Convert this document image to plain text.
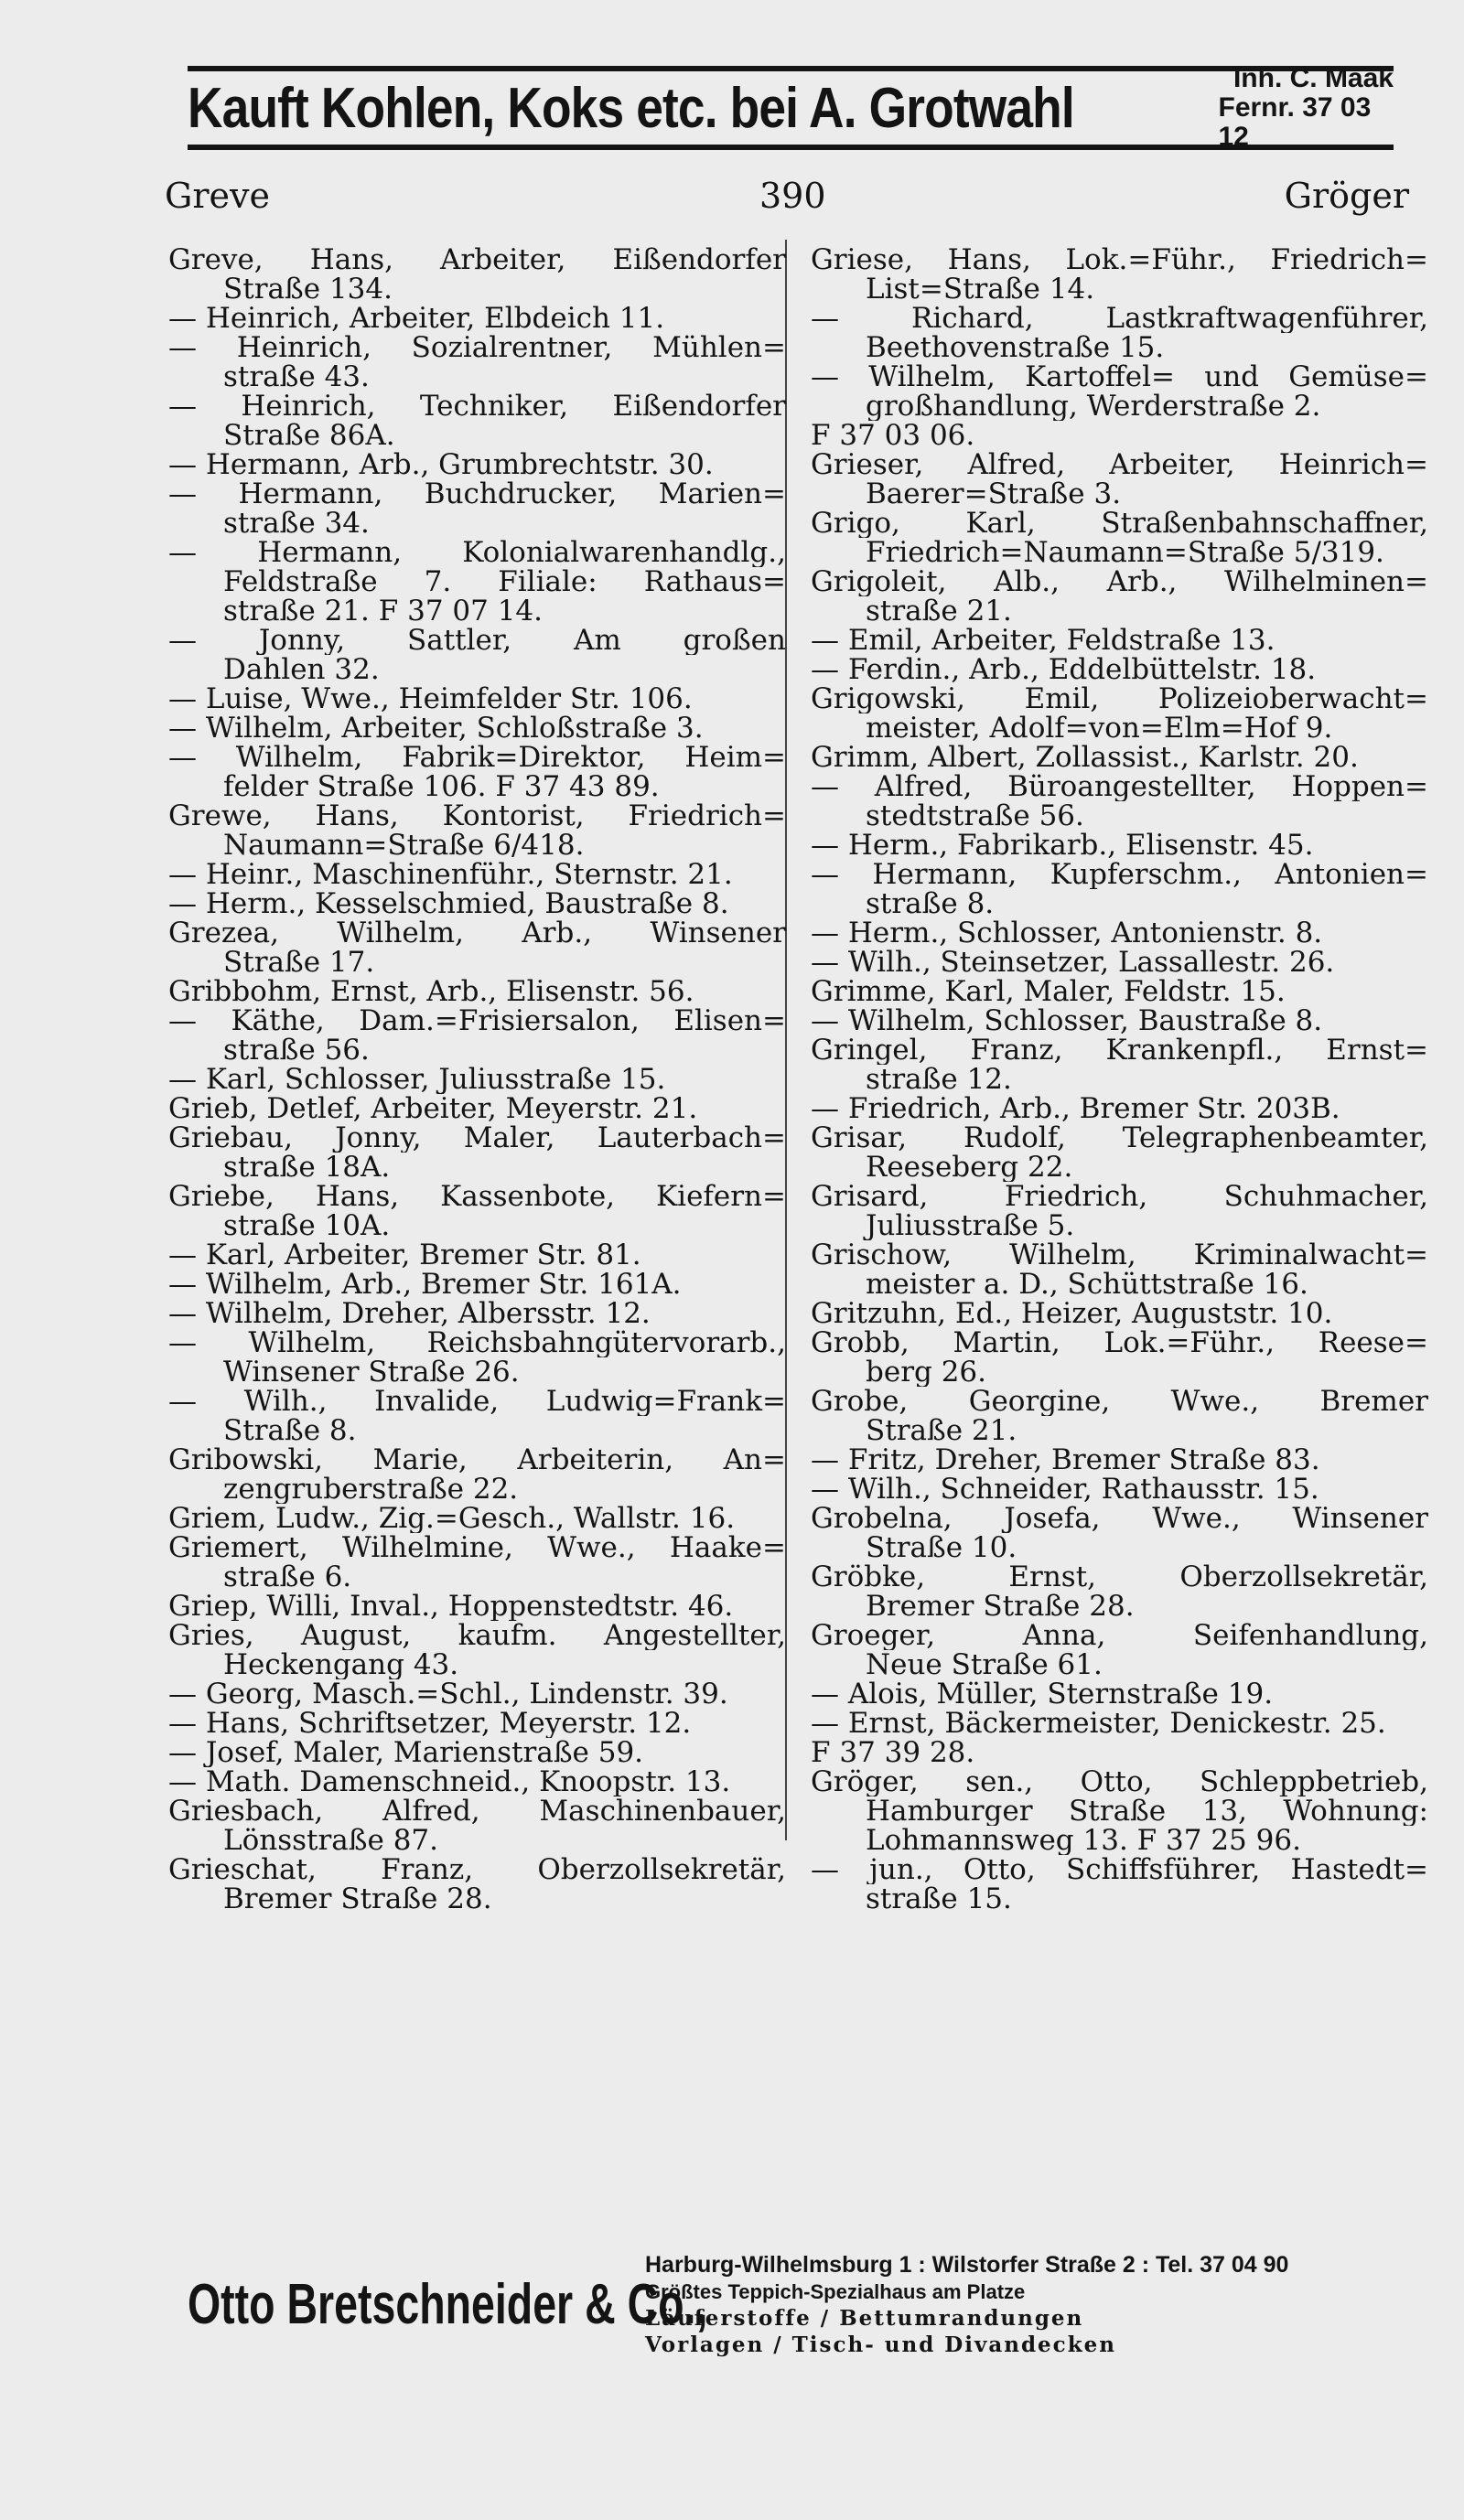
Kauft Kohlen, Koks etc. bei A. Grotwahl	Inh. C. Maak
Fernr. 37 03 12
Greve	390	Gröger
Greve, Hans, Arbeiter, Eißendorfer
Straße 134.
— Heinrich, Arbeiter, Elbdeich 11.
— Heinrich, Sozialrentner, Mühlen=
straße 43.
— Heinrich, Techniker, Eißendorfer
Straße 86A.
— Hermann, Arb., Grumbrechtstr. 30.
— Hermann, Buchdrucker, Marien=
straße 34.
— Hermann, Kolonialwarenhandlg.,
Feldstraße 7. Filiale: Rathaus=
straße 21. F 37 07 14.
— Jonny, Sattler, Am großen
Dahlen 32.
— Luise, Wwe., Heimfelder Str. 106.
— Wilhelm, Arbeiter, Schloßstraße 3.
— Wilhelm, Fabrik=Direktor, Heim=
felder Straße 106. F 37 43 89.
Grewe, Hans, Kontorist, Friedrich=
Naumann=Straße 6/418.
— Heinr., Maschinenführ., Sternstr. 21.
— Herm., Kesselschmied, Baustraße 8.
Grezea, Wilhelm, Arb., Winsener
Straße 17.
Gribbohm, Ernst, Arb., Elisenstr. 56.
— Käthe, Dam.=Frisiersalon, Elisen=
straße 56.
— Karl, Schlosser, Juliusstraße 15.
Grieb, Detlef, Arbeiter, Meyerstr. 21.
Griebau, Jonny, Maler, Lauterbach=
straße 18A.
Griebe, Hans, Kassenbote, Kiefern=
straße 10A.
— Karl, Arbeiter, Bremer Str. 81.
— Wilhelm, Arb., Bremer Str. 161A.
— Wilhelm, Dreher, Albersstr. 12.
— Wilhelm, Reichsbahngütervorarb.,
Winsener Straße 26.
— Wilh., Invalide, Ludwig=Frank=
Straße 8.
Gribowski, Marie, Arbeiterin, An=
zengruberstraße 22.
Griem, Ludw., Zig.=Gesch., Wallstr. 16.
Griemert, Wilhelmine, Wwe., Haake=
straße 6.
Griep, Willi, Inval., Hoppenstedtstr. 46.
Gries, August, kaufm. Angestellter,
Heckengang 43.
— Georg, Masch.=Schl., Lindenstr. 39.
— Hans, Schriftsetzer, Meyerstr. 12.
— Josef, Maler, Marienstraße 59.
— Math. Damenschneid., Knoopstr. 13.
Griesbach, Alfred, Maschinenbauer,
Lönsstraße 87.
Grieschat, Franz, Oberzollsekretär,
Bremer Straße 28.
Griese, Hans, Lok.=Führ., Friedrich=
List=Straße 14.
— Richard, Lastkraftwagenführer,
Beethovenstraße 15.
— Wilhelm, Kartoffel= und Gemüse=
großhandlung, Werderstraße 2.
F 37 03 06.
Grieser, Alfred, Arbeiter, Heinrich=
Baerer=Straße 3.
Grigo, Karl, Straßenbahnschaffner,
Friedrich=Naumann=Straße 5/319.
Grigoleit, Alb., Arb., Wilhelminen=
straße 21.
— Emil, Arbeiter, Feldstraße 13.
— Ferdin., Arb., Eddelbüttelstr. 18.
Grigowski, Emil, Polizeioberwacht=
meister, Adolf=von=Elm=Hof 9.
Grimm, Albert, Zollassist., Karlstr. 20.
— Alfred, Büroangestellter, Hoppen=
stedtstraße 56.
— Herm., Fabrikarb., Elisenstr. 45.
— Hermann, Kupferschm., Antonien=
straße 8.
— Herm., Schlosser, Antonienstr. 8.
— Wilh., Steinsetzer, Lassallestr. 26.
Grimme, Karl, Maler, Feldstr. 15.
— Wilhelm, Schlosser, Baustraße 8.
Gringel, Franz, Krankenpfl., Ernst=
straße 12.
— Friedrich, Arb., Bremer Str. 203B.
Grisar, Rudolf, Telegraphenbeamter,
Reeseberg 22.
Grisard, Friedrich, Schuhmacher,
Juliusstraße 5.
Grischow, Wilhelm, Kriminalwacht=
meister a. D., Schüttstraße 16.
Gritzuhn, Ed., Heizer, Auguststr. 10.
Grobb, Martin, Lok.=Führ., Reese=
berg 26.
Grobe, Georgine, Wwe., Bremer
Straße 21.
— Fritz, Dreher, Bremer Straße 83.
— Wilh., Schneider, Rathausstr. 15.
Grobelna, Josefa, Wwe., Winsener
Straße 10.
Gröbke, Ernst, Oberzollsekretär,
Bremer Straße 28.
Groeger, Anna, Seifenhandlung,
Neue Straße 61.
— Alois, Müller, Sternstraße 19.
— Ernst, Bäckermeister, Denickestr. 25.
F 37 39 28.
Gröger, sen., Otto, Schleppbetrieb,
Hamburger Straße 13, Wohnung:
Lohmannsweg 13. F 37 25 96.
— jun., Otto, Schiffsführer, Hastedt=
straße 15.
Otto Bretschneider & Co.,
Harburg-Wilhelmsburg 1 : Wilstorfer Straße 2 : Tel. 37 04 90
Größtes Teppich-Spezialhaus am Platze
Läuferstoffe / Bettumrandungen
Vorlagen / Tisch- und Divandecken
